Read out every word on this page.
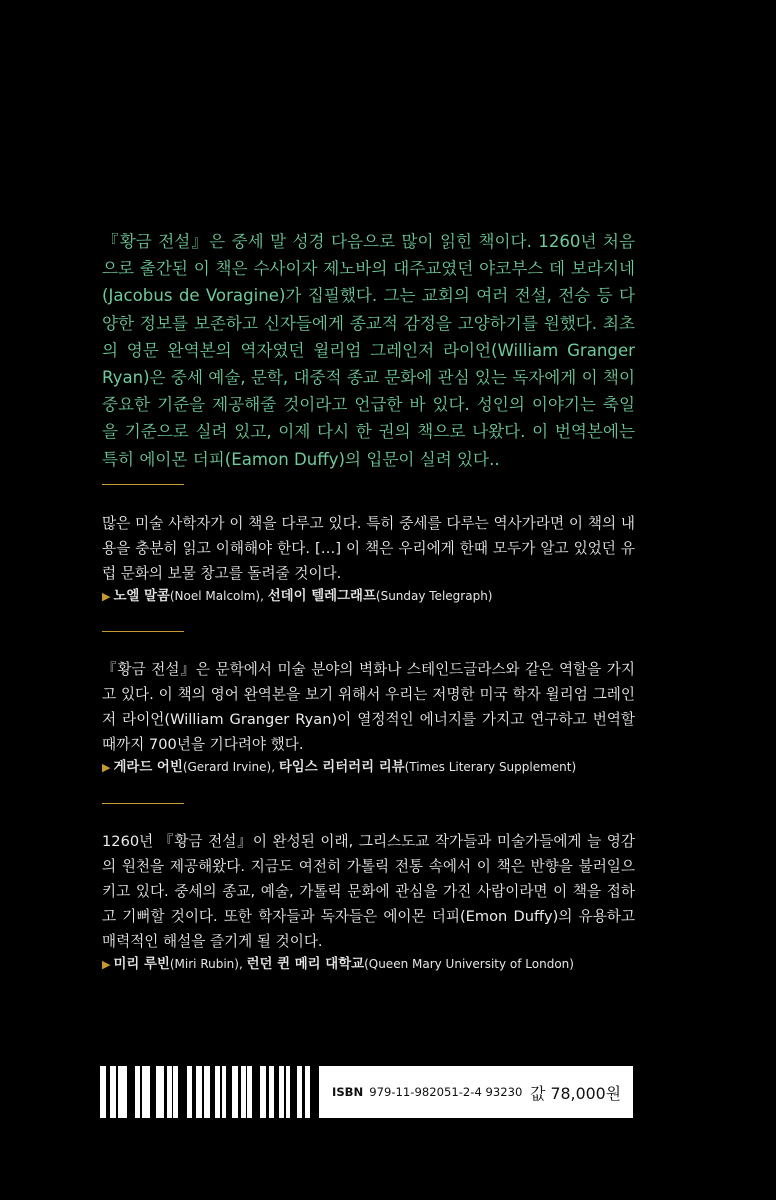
『황금 전설』은 중세 말 성경 다음으로 많이 읽힌 책이다. 1260년 처음으로 출간된 이 책은 수사이자 제노바의 대주교였던 야코부스 데 보라지네(Jacobus de Voragine)가 집필했다. 그는 교회의 여러 전설, 전승 등 다양한 정보를 보존하고 신자들에게 종교적 감정을 고양하기를 원했다. 최초의 영문 완역본의 역자였던 윌리엄 그레인저 라이언(William Granger Ryan)은 중세 예술, 문학, 대중적 종교 문화에 관심 있는 독자에게 이 책이 중요한 기준을 제공해줄 것이라고 언급한 바 있다. 성인의 이야기는 축일을 기준으로 실려 있고, 이제 다시 한 권의 책으로 나왔다. 이 번역본에는 특히 에이몬 더피(Eamon Duffy)의 입문이 실려 있다..

많은 미술 사학자가 이 책을 다루고 있다. 특히 중세를 다루는 역사가라면 이 책의 내용을 충분히 읽고 이해해야 한다. […] 이 책은 우리에게 한때 모두가 알고 있었던 유럽 문화의 보물 창고를 돌려줄 것이다.

▶ 노엘 말콤(Noel Malcolm), 선데이 텔레그래프(Sunday Telegraph)

『황금 전설』은 문학에서 미술 분야의 벽화나 스테인드글라스와 같은 역할을 가지고 있다. 이 책의 영어 완역본을 보기 위해서 우리는 저명한 미국 학자 윌리엄 그레인저 라이언(William Granger Ryan)이 열정적인 에너지를 가지고 연구하고 번역할 때까지 700년을 기다려야 했다.

▶ 게라드 어빈(Gerard Irvine), 타임스 리터러리 리뷰(Times Literary Supplement)

1260년 『황금 전설』이 완성된 이래, 그리스도교 작가들과 미술가들에게 늘 영감의 원천을 제공해왔다. 지금도 여전히 가톨릭 전통 속에서 이 책은 반향을 불러일으키고 있다. 중세의 종교, 예술, 가톨릭 문화에 관심을 가진 사람이라면 이 책을 접하고 기뻐할 것이다. 또한 학자들과 독자들은 에이몬 더피(Emon Duffy)의 유용하고 매력적인 해설을 즐기게 될 것이다.

▶ 미리 루빈(Miri Rubin), 런던 퀸 메리 대학교(Queen Mary University of London)

ISBN 979-11-982051-2-4 93230 값 78,000원
